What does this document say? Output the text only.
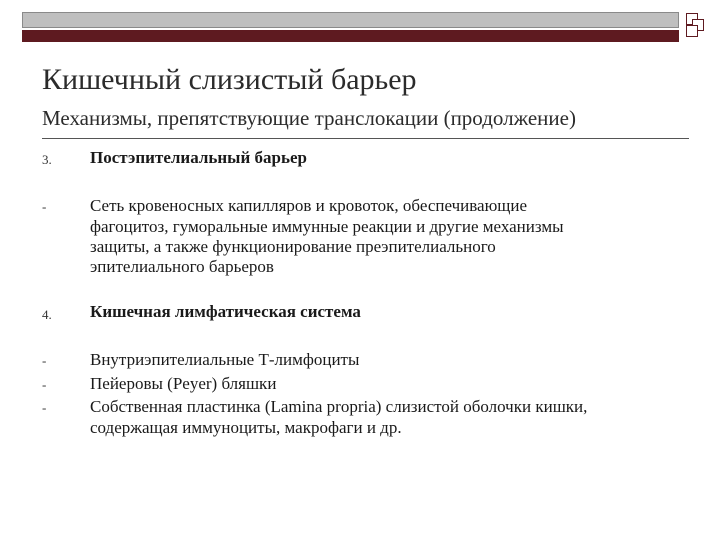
Кишечный слизистый барьер
Механизмы, препятствующие транслокации (продолжение)
3. Постэпителиальный барьер
-	Сеть кровеносных капилляров и кровоток, обеспечивающие
фагоцитоз, гуморальные иммунные реакции и другие механизмы
защиты, а также функционирование преэпителиального
эпителиального барьеров
4. Кишечная лимфатическая система
-
-
-
Внутриэпителиальные Т-лимфоциты
Пейеровы (Peyer) бляшки
Собственная пластинка (Lamina proprіa) слизистой оболочки кишки,
содержащая иммуноциты, макрофаги и др.
